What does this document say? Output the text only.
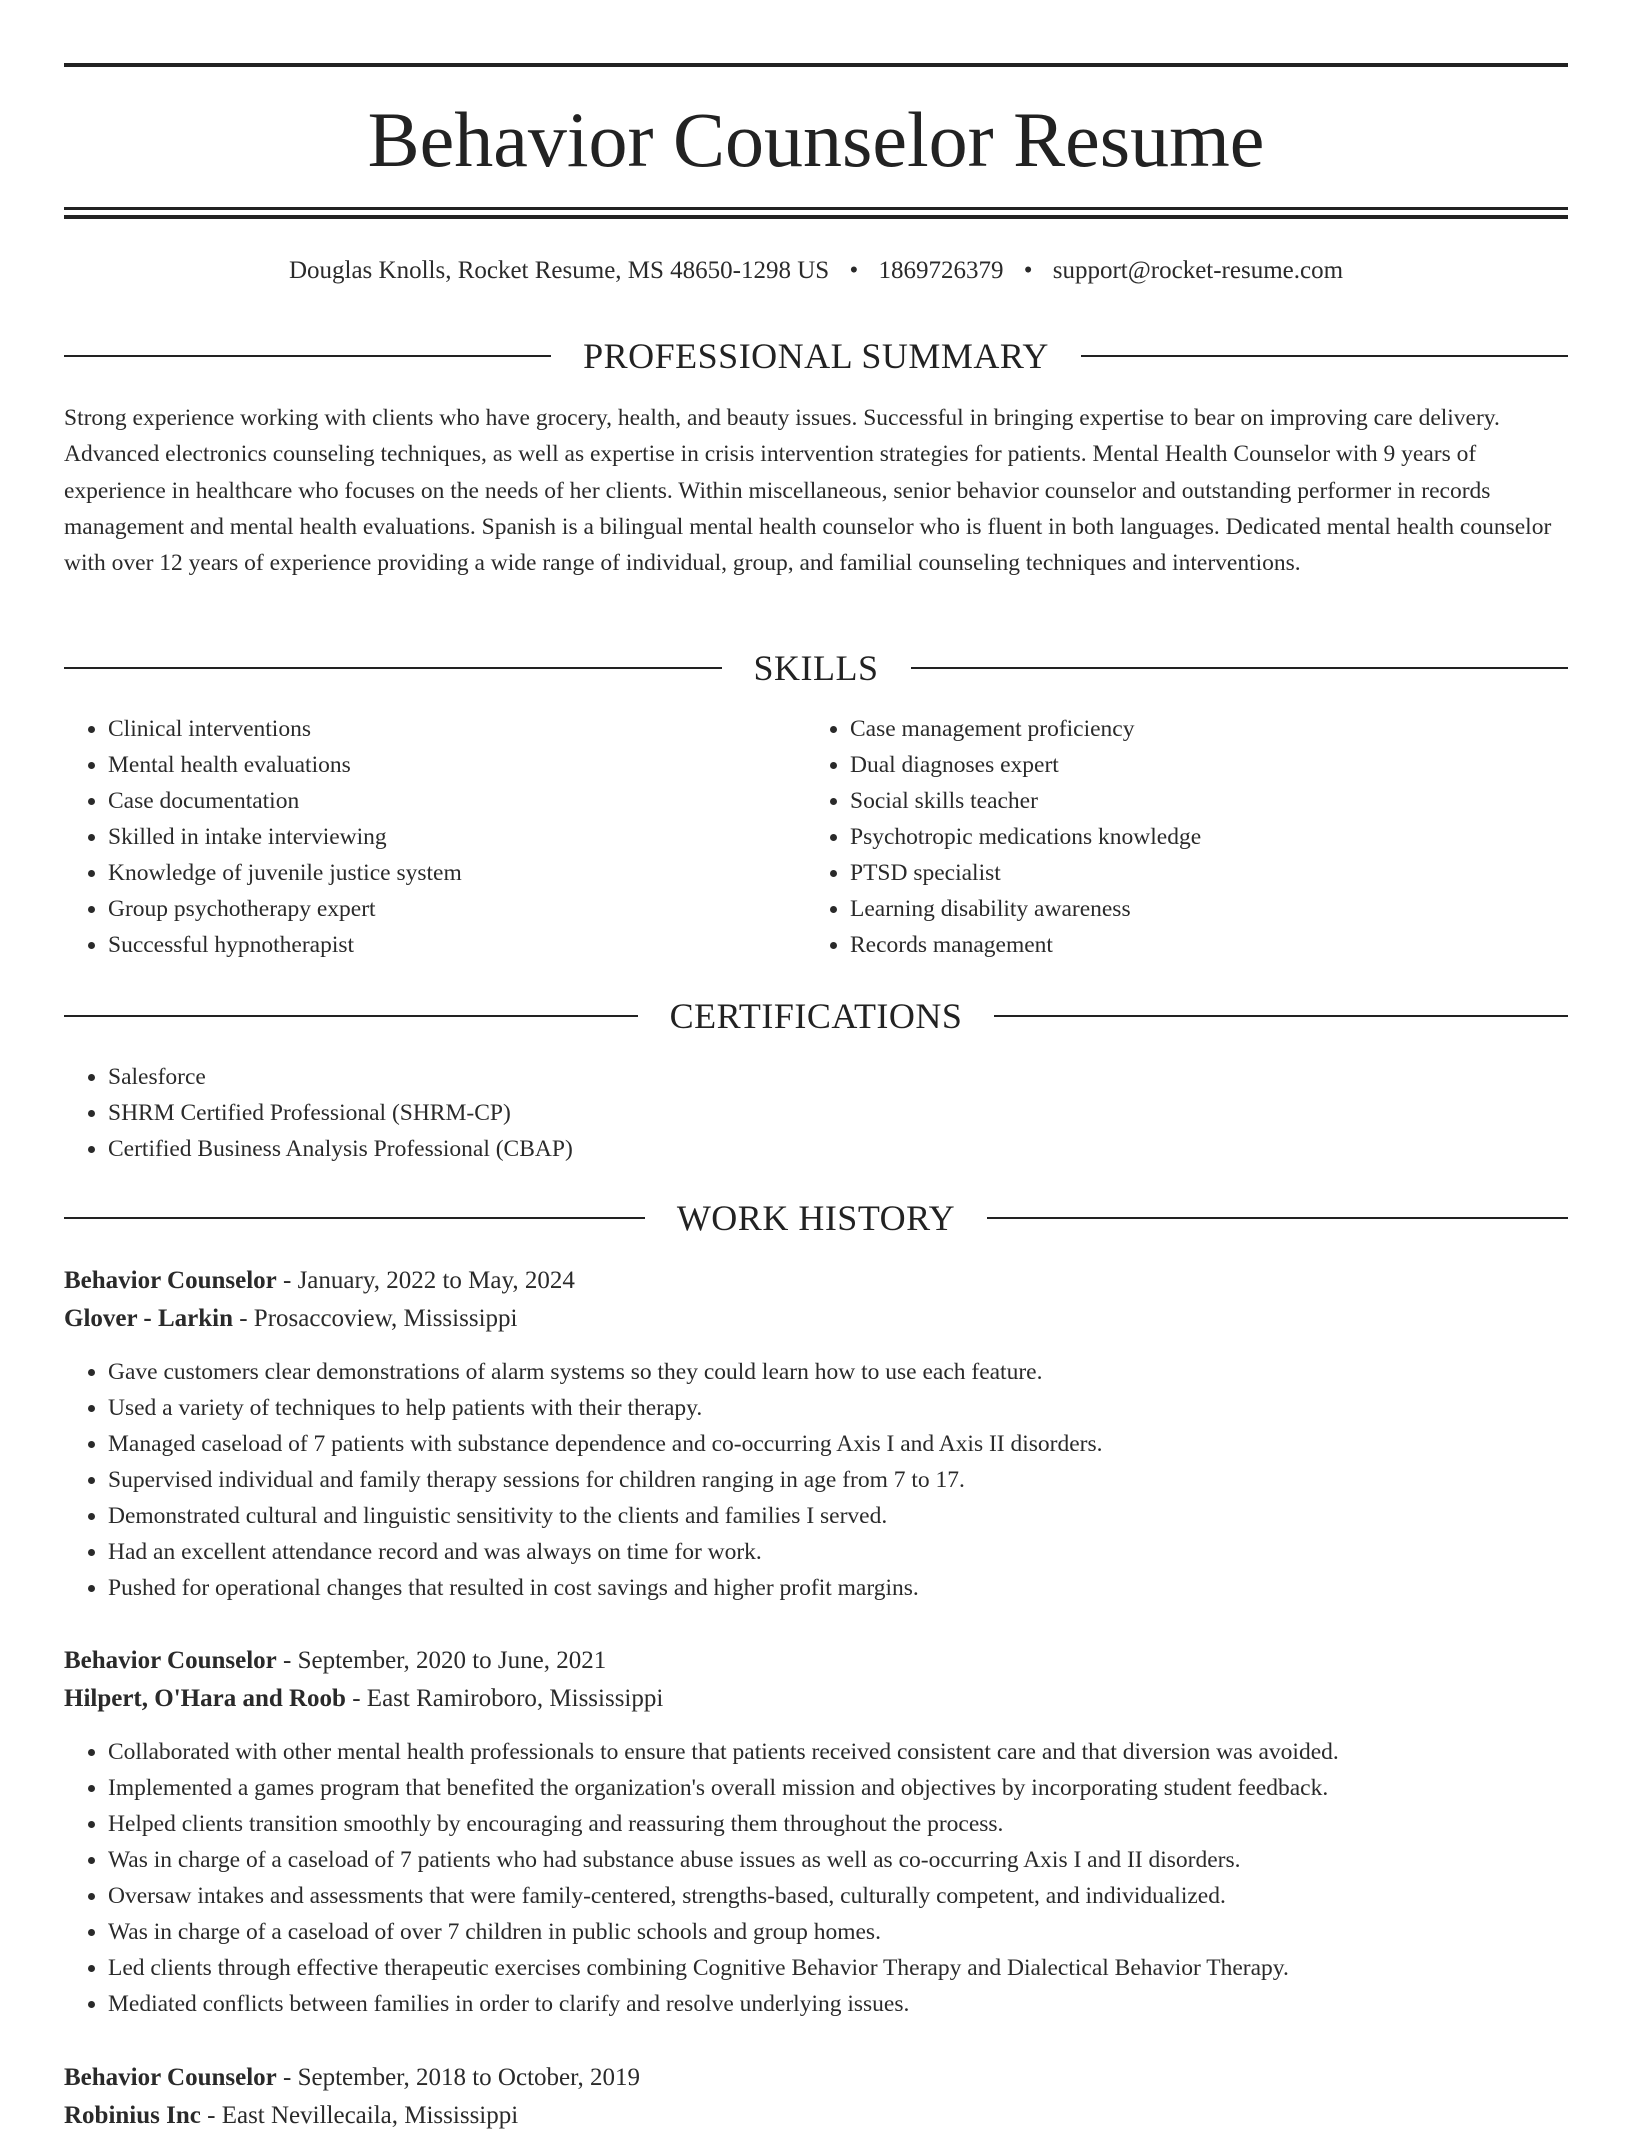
Behavior Counselor Resume
Douglas Knolls, Rocket Resume, MS 48650-1298 US • 1869726379 • support@rocket-resume.com
PROFESSIONAL SUMMARY

Strong experience working with clients who have grocery, health, and beauty issues. Successful in bringing expertise to bear on improving care delivery. Advanced electronics counseling techniques, as well as expertise in crisis intervention strategies for patients. Mental Health Counselor with 9 years of experience in healthcare who focuses on the needs of her clients. Within miscellaneous, senior behavior counselor and outstanding performer in records management and mental health evaluations. Spanish is a bilingual mental health counselor who is fluent in both languages. Dedicated mental health counselor with over 12 years of experience providing a wide range of individual, group, and familial counseling techniques and interventions.

SKILLS
• Clinical interventions
• Mental health evaluations
• Case documentation
• Skilled in intake interviewing
• Knowledge of juvenile justice system
• Group psychotherapy expert
• Successful hypnotherapist
• Case management proficiency
• Dual diagnoses expert
• Social skills teacher
• Psychotropic medications knowledge
• PTSD specialist
• Learning disability awareness
• Records management
CERTIFICATIONS
• Salesforce
• SHRM Certified Professional (SHRM-CP)
• Certified Business Analysis Professional (CBAP)
WORK HISTORY
Behavior Counselor - January, 2022 to May, 2024
Glover - Larkin - Prosaccoview, Mississippi
• Gave customers clear demonstrations of alarm systems so they could learn how to use each feature.
• Used a variety of techniques to help patients with their therapy.
• Managed caseload of 7 patients with substance dependence and co-occurring Axis I and Axis II disorders.
• Supervised individual and family therapy sessions for children ranging in age from 7 to 17.
• Demonstrated cultural and linguistic sensitivity to the clients and families I served.
• Had an excellent attendance record and was always on time for work.
• Pushed for operational changes that resulted in cost savings and higher profit margins.
Behavior Counselor - September, 2020 to June, 2021
Hilpert, O'Hara and Roob - East Ramiroboro, Mississippi
• Collaborated with other mental health professionals to ensure that patients received consistent care and that diversion was avoided.
• Implemented a games program that benefited the organization's overall mission and objectives by incorporating student feedback.
• Helped clients transition smoothly by encouraging and reassuring them throughout the process.
• Was in charge of a caseload of 7 patients who had substance abuse issues as well as co-occurring Axis I and II disorders.
• Oversaw intakes and assessments that were family-centered, strengths-based, culturally competent, and individualized.
• Was in charge of a caseload of over 7 children in public schools and group homes.
• Led clients through effective therapeutic exercises combining Cognitive Behavior Therapy and Dialectical Behavior Therapy.
• Mediated conflicts between families in order to clarify and resolve underlying issues.
Behavior Counselor - September, 2018 to October, 2019
Robinius Inc - East Nevillecaila, Mississippi
